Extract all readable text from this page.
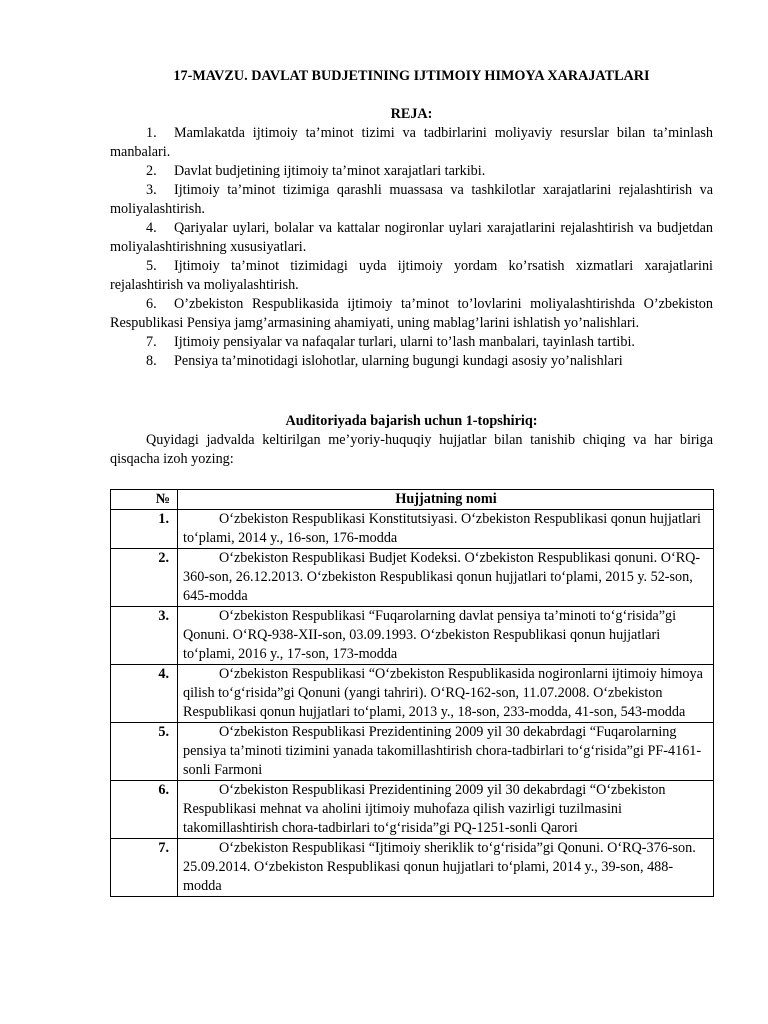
17-MAVZU. DAVLAT BUDJETINING IJTIMOIY HIMOYA XARAJATLARI
REJA:
1. Mamlakatda ijtimoiy ta’minot tizimi va tadbirlarini moliyaviy resurslar bilan ta’minlash manbalari.
2. Davlat budjetining ijtimoiy ta’minot xarajatlari tarkibi.
3. Ijtimoiy ta’minot tizimiga qarashli muassasa va tashkilotlar xarajatlarini rejalashtirish va moliyalashtirish.
4. Qariyalar uylari, bolalar va kattalar nogironlar uylari xarajatlarini rejalashtirish va budjetdan moliyalashtirishning xususiyatlari.
5. Ijtimoiy ta’minot tizimidagi uyda ijtimoiy yordam ko’rsatish xizmatlari xarajatlarini rejalashtirish va moliyalashtirish.
6. O’zbekiston Respublikasida ijtimoiy ta’minot to’lovlarini moliyalashtirishda O’zbekiston Respublikasi Pensiya jamg’armasining ahamiyati, uning mablag’larini ishlatish yo’nalishlari.
7. Ijtimoiy pensiyalar va nafaqalar turlari, ularni to’lash manbalari, tayinlash tartibi.
8. Pensiya ta’minotidagi islohotlar, ularning bugungi kundagi asosiy yo’nalishlari
Auditoriyada bajarish uchun 1-topshiriq:

Quyidagi jadvalda keltirilgan me’yoriy-huquqiy hujjatlar bilan tanishib chiqing va har biriga qisqacha izoh yozing:

№	Hujjatning nomi
1.	O‘zbekiston Respublikasi Konstitutsiyasi. O‘zbekiston Respublikasi qonun hujjatlari to‘plami, 2014 y., 16-son, 176-modda
2.	O‘zbekiston Respublikasi Budjet Kodeksi. O‘zbekiston Respublikasi qonuni. O‘RQ-360-son, 26.12.2013. O‘zbekiston Respublikasi qonun hujjatlari to‘plami, 2015 y. 52-son, 645-modda
3.	O‘zbekiston Respublikasi “Fuqarolarning davlat pensiya ta’minoti to‘g‘risida”gi Qonuni. O‘RQ-938-XII-son, 03.09.1993. O‘zbekiston Respublikasi qonun hujjatlari to‘plami, 2016 y., 17-son, 173-modda
4.	O‘zbekiston Respublikasi “O‘zbekiston Respublikasida nogironlarni ijtimoiy himoya qilish to‘g‘risida”gi Qonuni (yangi tahriri). O‘RQ-162-son, 11.07.2008. O‘zbekiston Respublikasi qonun hujjatlari to‘plami, 2013 y., 18-son, 233-modda, 41-son, 543-modda
5.	O‘zbekiston Respublikasi Prezidentining 2009 yil 30 dekabrdagi “Fuqarolarning pensiya ta’minoti tizimini yanada takomillashtirish chora-tadbirlari to‘g‘risida”gi PF-4161-sonli Farmoni
6.	O‘zbekiston Respublikasi Prezidentining 2009 yil 30 dekabrdagi “O‘zbekiston Respublikasi mehnat va aholini ijtimoiy muhofaza qilish vazirligi tuzilmasini takomillashtirish chora-tadbirlari to‘g‘risida”gi PQ-1251-sonli Qarori
7.	O‘zbekiston Respublikasi “Ijtimoiy sheriklik to‘g‘risida”gi Qonuni. O‘RQ-376-son. 25.09.2014. O‘zbekiston Respublikasi qonun hujjatlari to‘plami, 2014 y., 39-son, 488-modda
